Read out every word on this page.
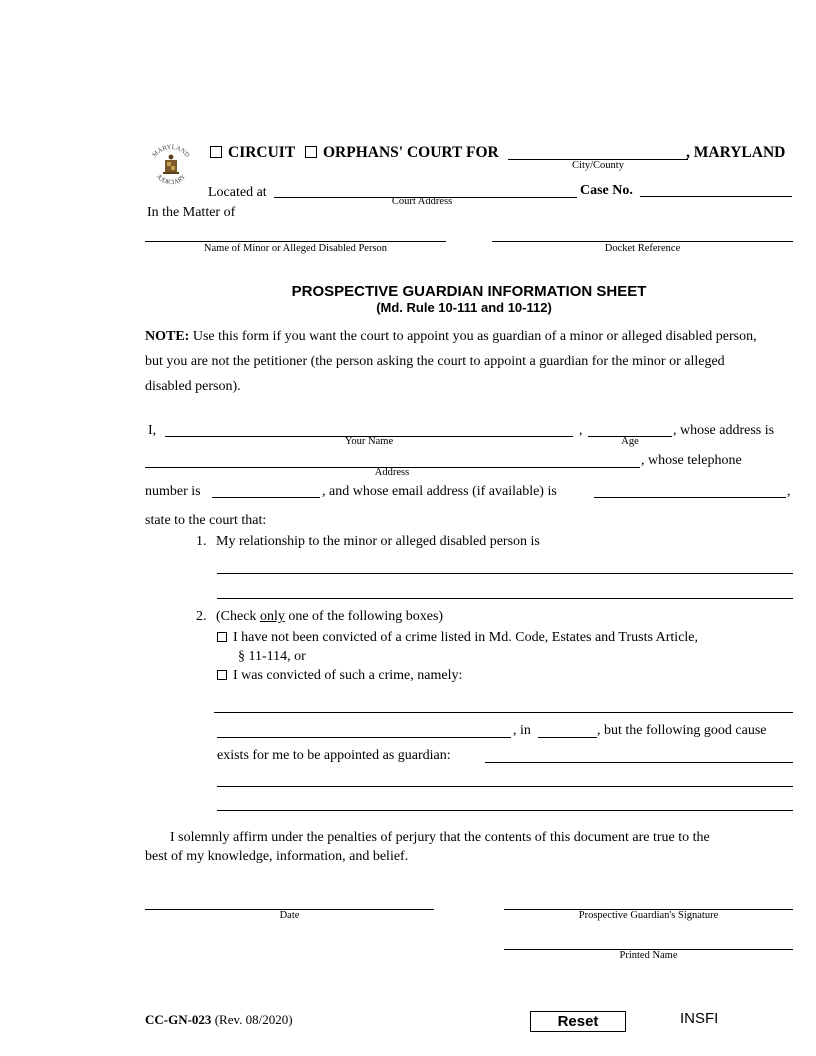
MARYLAND
JUDICIARY
CIRCUIT	ORPHANS' COURT FOR	, MARYLAND
City/County
Located at
Court Address
Case No.
In the Matter of
Name of Minor or Alleged Disabled Person	Docket Reference
PROSPECTIVE GUARDIAN INFORMATION SHEET
(Md. Rule 10-111 and 10-112)
NOTE: Use this form if you want the court to appoint you as guardian of a minor or alleged disabled person,
but you are not the petitioner (the person asking the court to appoint a guardian for the minor or alleged
disabled person).
I,
Your Name
,
Age
, whose address is
Address
, whose telephone
number is	, and whose email address (if available) is	,
state to the court that:
1. My relationship to the minor or alleged disabled person is
2. (Check only one of the following boxes)
I have not been convicted of a crime listed in Md. Code, Estates and Trusts Article,
§ 11-114, or
I was convicted of such a crime, namely:
, in	, but the following good cause
exists for me to be appointed as guardian:
I solemnly affirm under the penalties of perjury that the contents of this document are true to the
best of my knowledge, information, and belief.
Date	Prospective Guardian's Signature
Printed Name
CC-GN-023 (Rev. 08/2020)	Reset	INSFI
